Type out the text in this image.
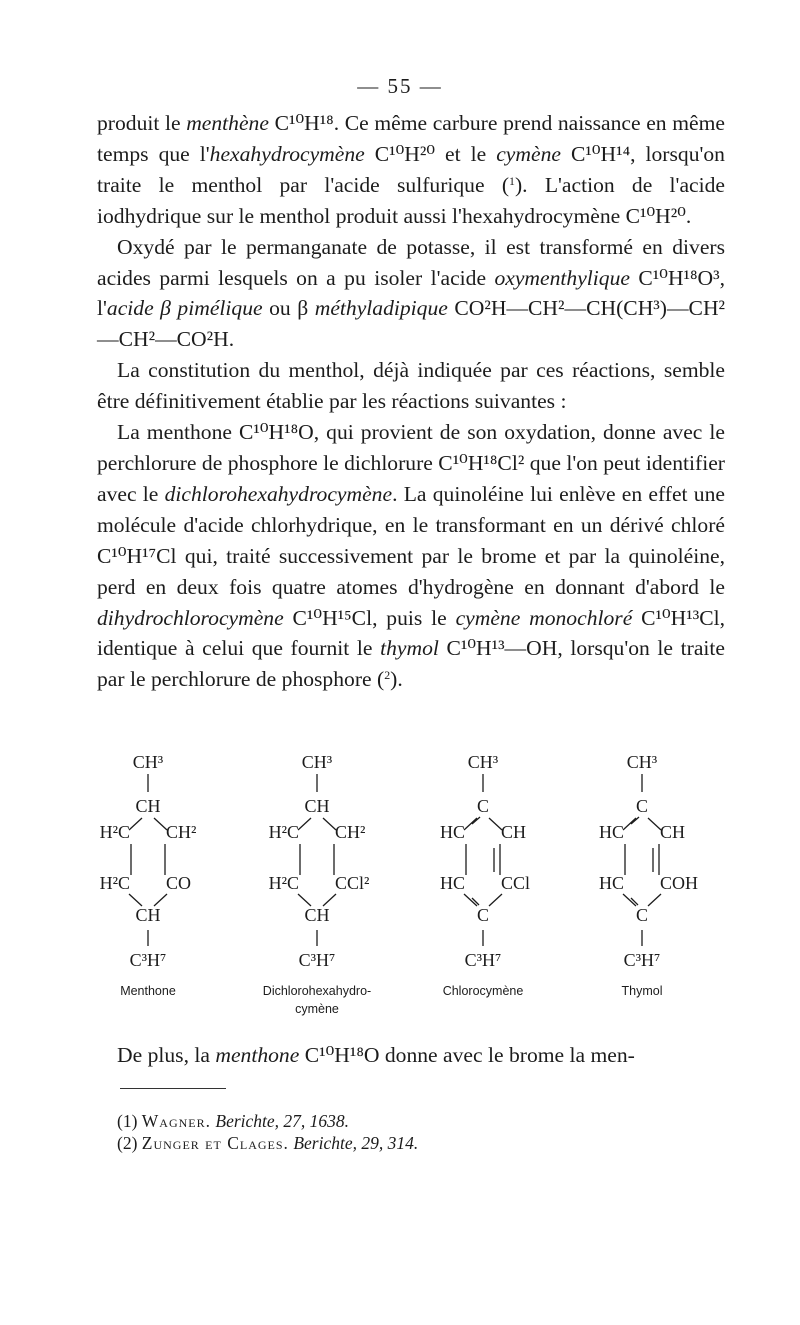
— 55 —

produit le menthène C¹⁰H¹⁸. Ce même carbure prend naissance en même temps que l'hexahydrocymène C¹⁰H²⁰ et le cymène C¹⁰H¹⁴, lorsqu'on traite le menthol par l'acide sulfurique ($^1$). L'action de l'acide iodhydrique sur le menthol produit aussi l'hexahydrocymène C¹⁰H²⁰.

Oxydé par le permanganate de potasse, il est transformé en divers acides parmi lesquels on a pu isoler l'acide oxymenthylique C¹⁰H¹⁸O³, l'acide β pimélique ou β méthyladipique CO²H—CH²—CH(CH³)—CH²—CH²—CO²H.

La constitution du menthol, déjà indiquée par ces réactions, semble être définitivement établie par les réactions suivantes :

La menthone C¹⁰H¹⁸O, qui provient de son oxydation, donne avec le perchlorure de phosphore le dichlorure C¹⁰H¹⁸Cl² que l'on peut identifier avec le dichlorohexahydrocymène. La quinoléine lui enlève en effet une molécule d'acide chlorhydrique, en le transformant en un dérivé chloré C¹⁰H¹⁷Cl qui, traité successivement par le brome et par la quinoléine, perd en deux fois quatre atomes d'hydrogène en donnant d'abord le dihydrochlorocymène C¹⁰H¹⁵Cl, puis le cymène monochloré C¹⁰H¹³Cl, identique à celui que fournit le thymol C¹⁰H¹³—OH, lorsqu'on le traite par le perchlorure de phosphore ($^2$).

CH³
CH
H²C CH²
H²C CO
CH
C³H⁷
Menthone
CH³
CH
H²C CH²
H²C CCl²
CH
C³H⁷
Dichlorohexahydro-
cymène
CH³
C
HC CH
HC CCl
C
C³H⁷
Chlorocymène
CH³
C
HC CH
HC COH
C
C³H⁷
Thymol
De plus, la menthone C¹⁰H¹⁸O donne avec le brome la men-
(1) Wagner. Berichte, 27, 1638.
(2) Zunger et Clages. Berichte, 29, 314.
